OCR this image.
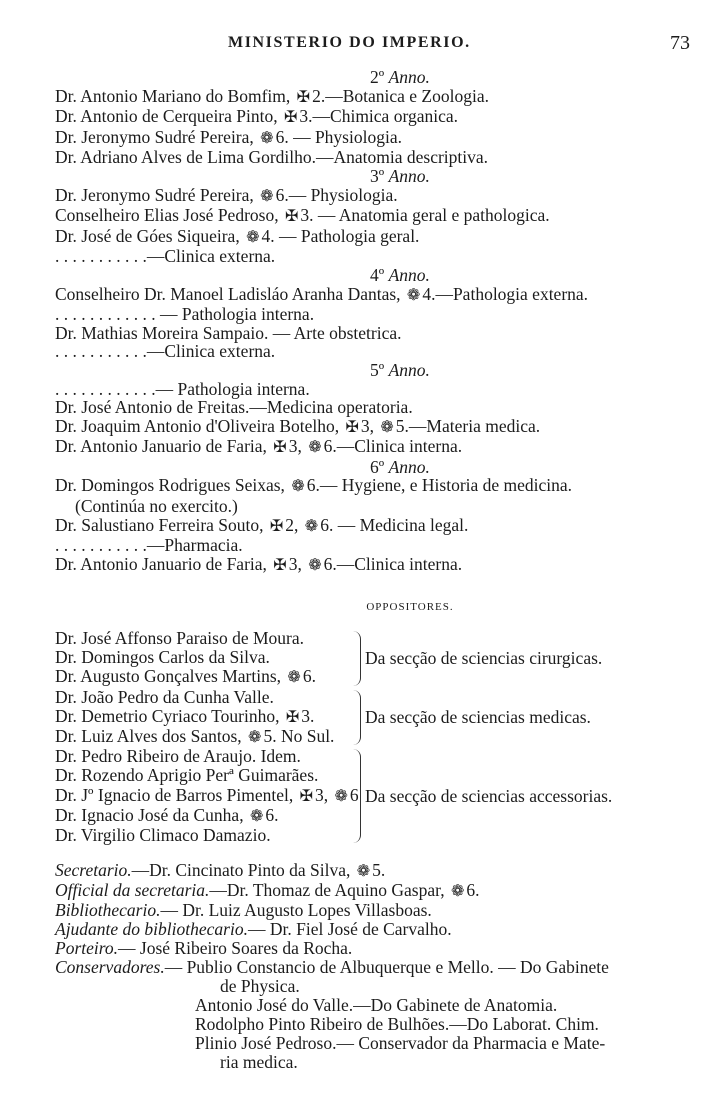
MINISTERIO DO IMPERIO.	73
2º Anno.
Dr. Antonio Mariano do Bomfim, ✠ 2.—Botanica e Zoologia.
Dr. Antonio de Cerqueira Pinto, ✠ 3.—Chimica organica.
Dr. Jeronymo Sudré Pereira, ❁ 6. — Physiologia.
Dr. Adriano Alves de Lima Gordilho.—Anatomia descriptiva.
3º Anno.
Dr. Jeronymo Sudré Pereira, ❁ 6.— Physiologia.
Conselheiro Elias José Pedroso, ✠ 3. — Anatomia geral e pathologica.
Dr. José de Góes Siqueira, ❁ 4. — Pathologia geral.
. . . . . . . . . . .—Clinica externa.
4º Anno.
Conselheiro Dr. Manoel Ladisláo Aranha Dantas, ❁ 4.—Pathologia externa.
. . . . . . . . . . . . — Pathologia interna.
Dr. Mathias Moreira Sampaio. — Arte obstetrica.
. . . . . . . . . . .—Clinica externa.
5º Anno.
. . . . . . . . . . . .— Pathologia interna.
Dr. José Antonio de Freitas.—Medicina operatoria.
Dr. Joaquim Antonio d'Oliveira Botelho, ✠ 3, ❁ 5.—Materia medica.
Dr. Antonio Januario de Faria, ✠ 3, ❁ 6.—Clinica interna.
6º Anno.
Dr. Domingos Rodrigues Seixas, ❁ 6.— Hygiene, e Historia de medicina.
(Continúa no exercito.)
Dr. Salustiano Ferreira Souto, ✠ 2, ❁ 6. — Medicina legal.
. . . . . . . . . . .—Pharmacia.
Dr. Antonio Januario de Faria, ✠ 3, ❁ 6.—Clinica interna.
OPPOSITORES.
Dr. José Affonso Paraiso de Moura.
Dr. Domingos Carlos da Silva.
Dr. Augusto Gonçalves Martins, ❁ 6.
Da secção de sciencias cirurgicas.
Dr. João Pedro da Cunha Valle.
Dr. Demetrio Cyriaco Tourinho, ✠ 3.
Dr. Luiz Alves dos Santos, ❁ 5. No Sul.
Da secção de sciencias medicas.
Dr. Pedro Ribeiro de Araujo. Idem.
Dr. Rozendo Aprigio Perª Guimarães.
Dr. Jº Ignacio de Barros Pimentel, ✠ 3, ❁ 6
Dr. Ignacio José da Cunha, ❁ 6.
Dr. Virgilio Climaco Damazio.
Da secção de sciencias accessorias.
Secretario.—Dr. Cincinato Pinto da Silva, ❁ 5.
Official da secretaria.—Dr. Thomaz de Aquino Gaspar, ❁ 6.
Bibliothecario.— Dr. Luiz Augusto Lopes Villasboas.
Ajudante do bibliothecario.— Dr. Fiel José de Carvalho.
Porteiro.— José Ribeiro Soares da Rocha.
Conservadores.— Publio Constancio de Albuquerque e Mello. — Do Gabinete
de Physica.
Antonio José do Valle.—Do Gabinete de Anatomia.
Rodolpho Pinto Ribeiro de Bulhões.—Do Laborat. Chim.
Plinio José Pedroso.— Conservador da Pharmacia e Mate-
ria medica.
